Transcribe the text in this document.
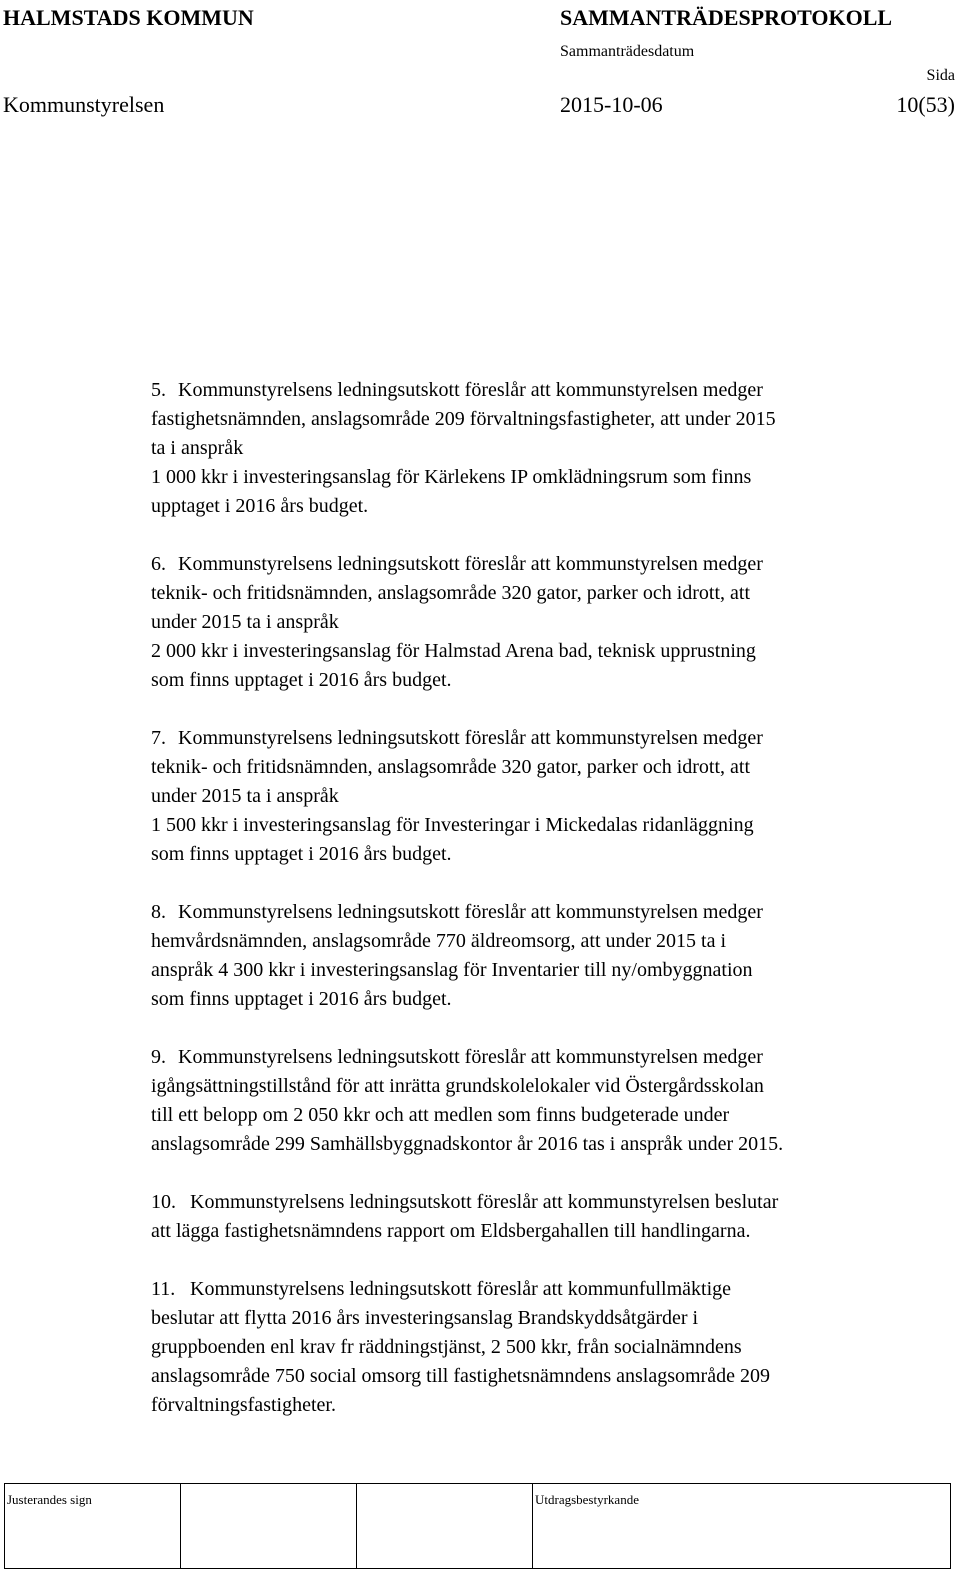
HALMSTADS KOMMUN	SAMMANTRÄDESPROTOKOLL
Sammanträdesdatum
Sida
Kommunstyrelsen	2015-10-06	10(53)
5. Kommunstyrelsens ledningsutskott föreslår att kommunstyrelsen medger
fastighetsnämnden, anslagsområde 209 förvaltningsfastigheter, att under 2015
ta i anspråk
1 000 kkr i investeringsanslag för Kärlekens IP omklädningsrum som finns
upptaget i 2016 års budget.
6. Kommunstyrelsens ledningsutskott föreslår att kommunstyrelsen medger
teknik- och fritidsnämnden, anslagsområde 320 gator, parker och idrott, att
under 2015 ta i anspråk
2 000 kkr i investeringsanslag för Halmstad Arena bad, teknisk upprustning
som finns upptaget i 2016 års budget.
7. Kommunstyrelsens ledningsutskott föreslår att kommunstyrelsen medger
teknik- och fritidsnämnden, anslagsområde 320 gator, parker och idrott, att
under 2015 ta i anspråk
1 500 kkr i investeringsanslag för Investeringar i Mickedalas ridanläggning
som finns upptaget i 2016 års budget.
8. Kommunstyrelsens ledningsutskott föreslår att kommunstyrelsen medger
hemvårdsnämnden, anslagsområde 770 äldreomsorg, att under 2015 ta i
anspråk 4 300 kkr i investeringsanslag för Inventarier till ny/ombyggnation
som finns upptaget i 2016 års budget.
9. Kommunstyrelsens ledningsutskott föreslår att kommunstyrelsen medger
igångsättningstillstånd för att inrätta grundskolelokaler vid Östergårdsskolan
till ett belopp om 2 050 kkr och att medlen som finns budgeterade under
anslagsområde 299 Samhällsbyggnadskontor år 2016 tas i anspråk under 2015.
10. Kommunstyrelsens ledningsutskott föreslår att kommunstyrelsen beslutar
att lägga fastighetsnämndens rapport om Eldsbergahallen till handlingarna.
11. Kommunstyrelsens ledningsutskott föreslår att kommunfullmäktige
beslutar att flytta 2016 års investeringsanslag Brandskyddsåtgärder i
gruppboenden enl krav fr räddningstjänst, 2 500 kkr, från socialnämndens
anslagsområde 750 social omsorg till fastighetsnämndens anslagsområde 209
förvaltningsfastigheter.
Justerandes sign			Utdragsbestyrkande
